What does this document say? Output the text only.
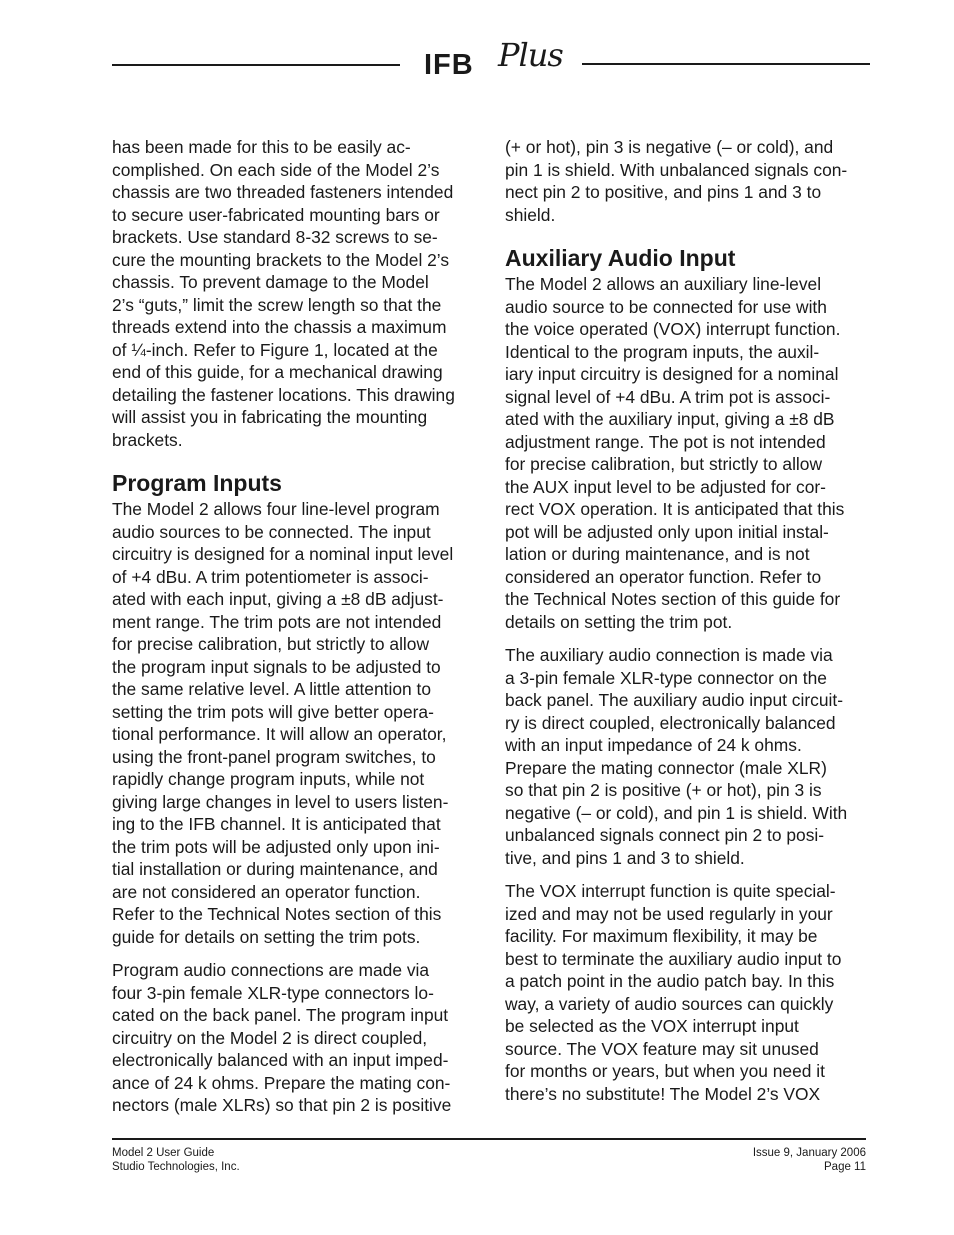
IFB Plus

has been made for this to be easily ac-
complished. On each side of the Model 2’s
chassis are two threaded fasteners intended
to secure user-fabricated mounting bars or
brackets. Use standard 8-32 screws to se-
cure the mounting brackets to the Model 2’s
chassis. To prevent damage to the Model
2’s “guts,” limit the screw length so that the
threads extend into the chassis a maximum
of ¼-inch. Refer to Figure 1, located at the
end of this guide, for a mechanical drawing
detailing the fastener locations. This drawing
will assist you in fabricating the mounting
brackets.

Program Inputs

The Model 2 allows four line-level program
audio sources to be connected. The input
circuitry is designed for a nominal input level
of +4 dBu. A trim potentiometer is associ-
ated with each input, giving a ±8 dB adjust-
ment range. The trim pots are not intended
for precise calibration, but strictly to allow
the program input signals to be adjusted to
the same relative level. A little attention to
setting the trim pots will give better opera-
tional performance. It will allow an operator,
using the front-panel program switches, to
rapidly change program inputs, while not
giving large changes in level to users listen-
ing to the IFB channel. It is anticipated that
the trim pots will be adjusted only upon ini-
tial installation or during maintenance, and
are not considered an operator function.
Refer to the Technical Notes section of this
guide for details on setting the trim pots.

Program audio connections are made via
four 3-pin female XLR-type connectors lo-
cated on the back panel. The program input
circuitry on the Model 2 is direct coupled,
electronically balanced with an input imped-
ance of 24 k ohms. Prepare the mating con-
nectors (male XLRs) so that pin 2 is positive

(+ or hot), pin 3 is negative (– or cold), and
pin 1 is shield. With unbalanced signals con-
nect pin 2 to positive, and pins 1 and 3 to
shield.

Auxiliary Audio Input

The Model 2 allows an auxiliary line-level
audio source to be connected for use with
the voice operated (VOX) interrupt function.
Identical to the program inputs, the auxil-
iary input circuitry is designed for a nominal
signal level of +4 dBu. A trim pot is associ-
ated with the auxiliary input, giving a ±8 dB
adjustment range. The pot is not intended
for precise calibration, but strictly to allow
the AUX input level to be adjusted for cor-
rect VOX operation. It is anticipated that this
pot will be adjusted only upon initial instal-
lation or during maintenance, and is not
considered an operator function. Refer to
the Technical Notes section of this guide for
details on setting the trim pot.

The auxiliary audio connection is made via
a 3-pin female XLR-type connector on the
back panel. The auxiliary audio input circuit-
ry is direct coupled, electronically balanced
with an input impedance of 24 k ohms.
Prepare the mating connector (male XLR)
so that pin 2 is positive (+ or hot), pin 3 is
negative (– or cold), and pin 1 is shield. With
unbalanced signals connect pin 2 to posi-
tive, and pins 1 and 3 to shield.

The VOX interrupt function is quite special-
ized and may not be used regularly in your
facility. For maximum flexibility, it may be
best to terminate the auxiliary audio input to
a patch point in the audio patch bay. In this
way, a variety of audio sources can quickly
be selected as the VOX interrupt input
source. The VOX feature may sit unused
for months or years, but when you need it
there’s no substitute! The Model 2’s VOX

Model 2 User Guide
Studio Technologies, Inc.
Issue 9, January 2006
Page 11
